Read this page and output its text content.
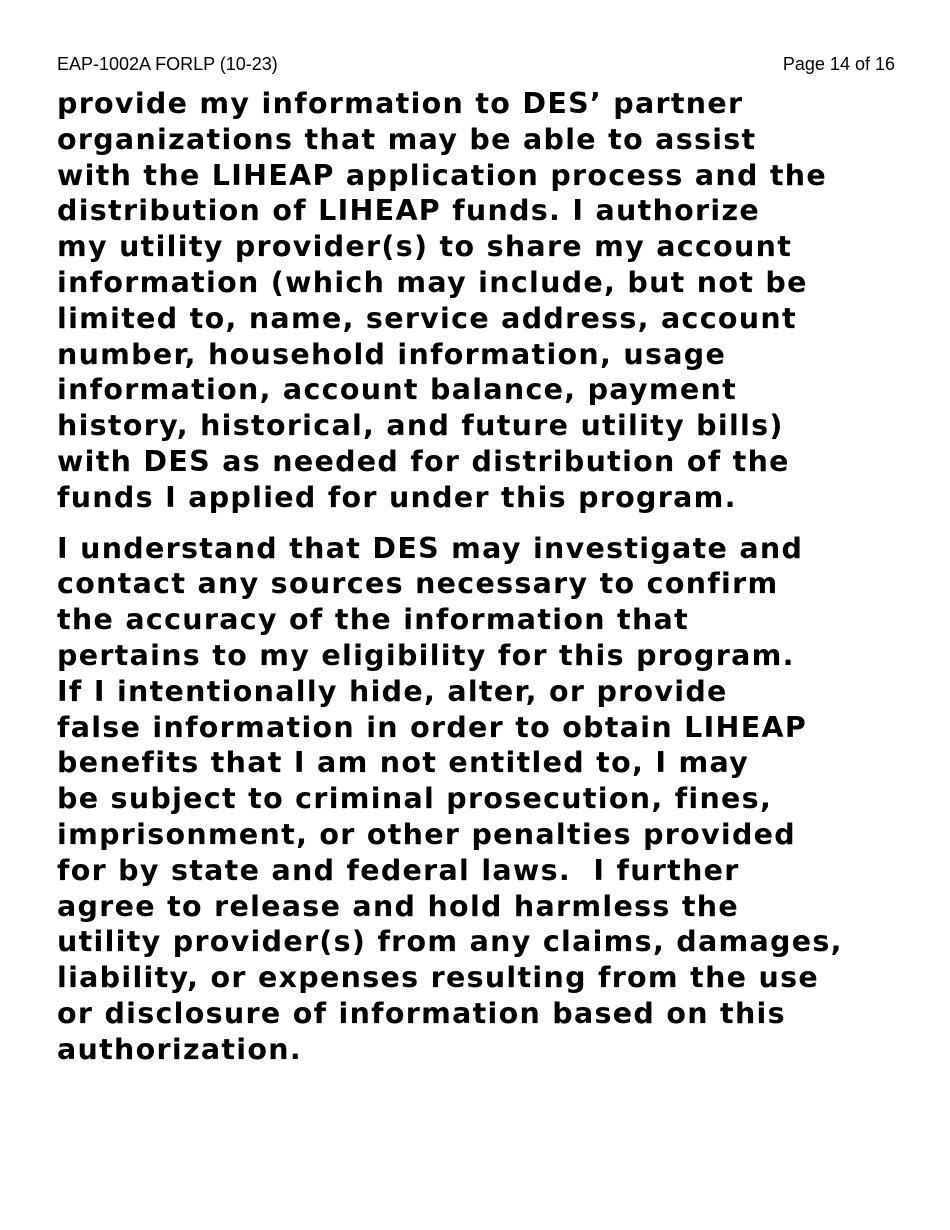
EAP-1002A FORLP (10-23)	Page 14 of 16
provide my information to DES’ partner
organizations that may be able to assist
with the LIHEAP application process and the
distribution of LIHEAP funds. I authorize
my utility provider(s) to share my account
information (which may include, but not be
limited to, name, service address, account
number, household information, usage
information, account balance, payment
history, historical, and future utility bills)
with DES as needed for distribution of the
funds I applied for under this program.
I understand that DES may investigate and
contact any sources necessary to confirm
the accuracy of the information that
pertains to my eligibility for this program.
If I intentionally hide, alter, or provide
false information in order to obtain LIHEAP
benefits that I am not entitled to, I may
be subject to criminal prosecution, fines,
imprisonment, or other penalties provided
for by state and federal laws.  I further
agree to release and hold harmless the
utility provider(s) from any claims, damages,
liability, or expenses resulting from the use
or disclosure of information based on this
authorization.
